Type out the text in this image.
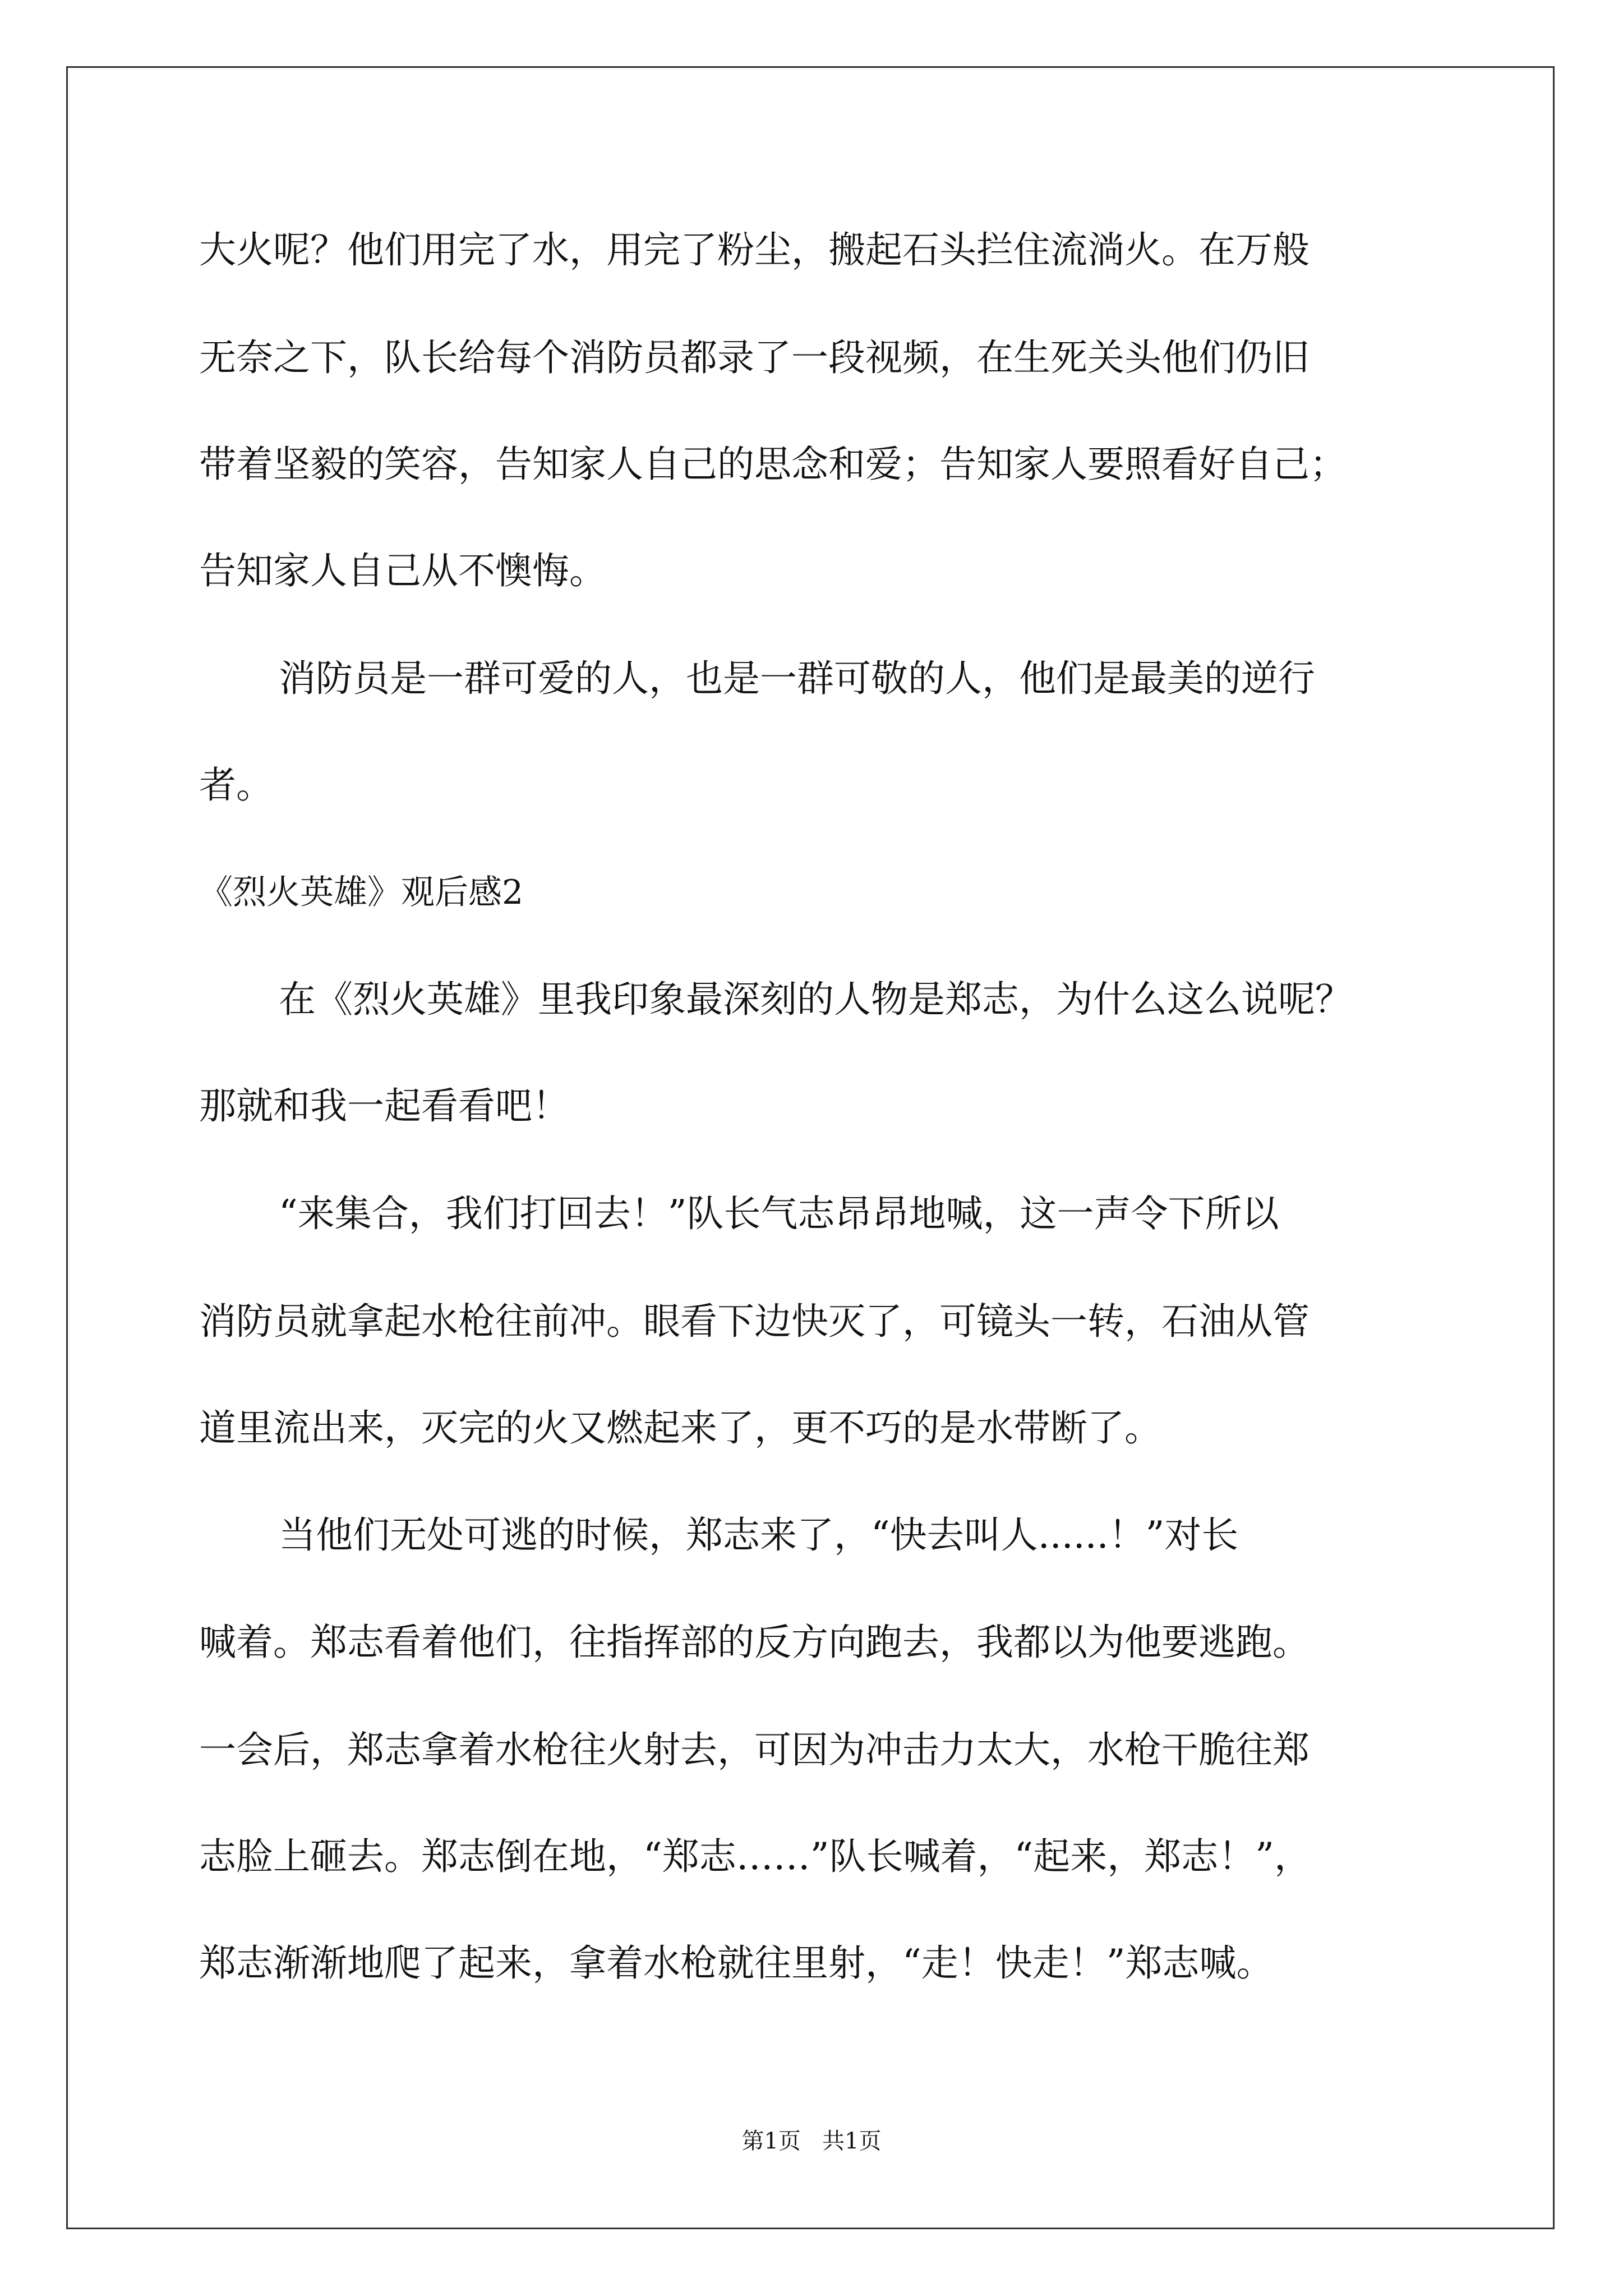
大火呢？他们用完了水，用完了粉尘，搬起石头拦住流淌火。在万般
无奈之下，队长给每个消防员都录了一段视频，在生死关头他们仍旧
带着坚毅的笑容，告知家人自己的思念和爱；告知家人要照看好自己；
告知家人自己从不懊悔。
消防员是一群可爱的人，也是一群可敬的人，他们是最美的逆行
者。
《烈火英雄》观后感2
在《烈火英雄》里我印象最深刻的人物是郑志，为什么这么说呢？
那就和我一起看看吧！
“来集合，我们打回去！”队长气志昂昂地喊，这一声令下所以
消防员就拿起水枪往前冲。眼看下边快灭了，可镜头一转，石油从管
道里流出来，灭完的火又燃起来了，更不巧的是水带断了。
当他们无处可逃的时候，郑志来了，“快去叫人......！”对长
喊着。郑志看着他们，往指挥部的反方向跑去，我都以为他要逃跑。
一会后，郑志拿着水枪往火射去，可因为冲击力太大，水枪干脆往郑
志脸上砸去。郑志倒在地，“郑志……”队长喊着，“起来，郑志！”，
郑志渐渐地爬了起来，拿着水枪就往里射，“走！快走！”郑志喊。
第1页   共1页
